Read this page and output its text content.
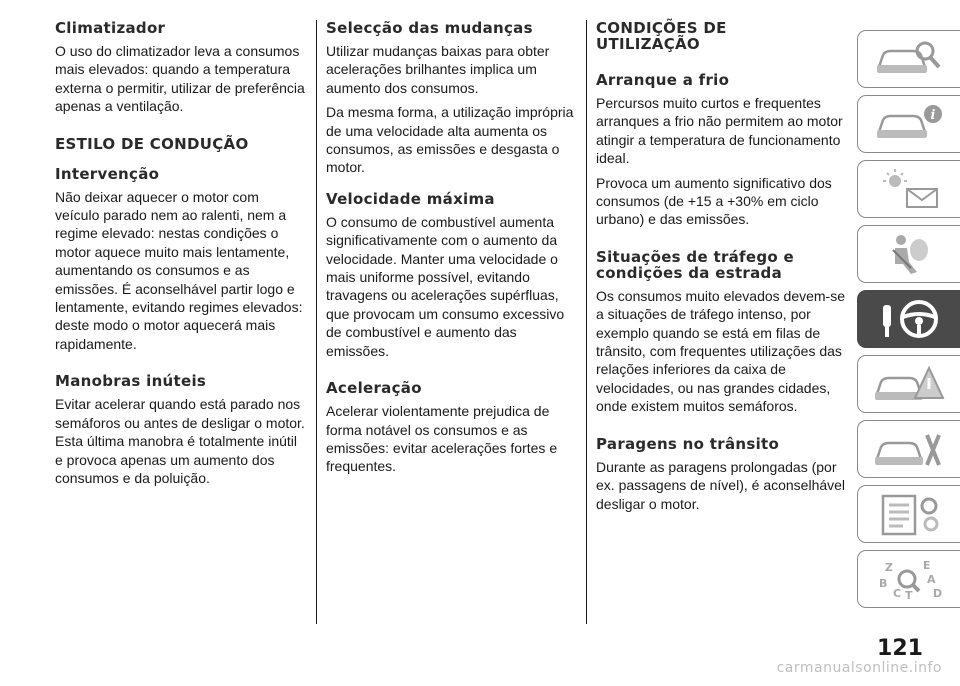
Climatizador

O uso do climatizador leva a consumos mais elevados: quando a temperatura externa o permitir, utilizar de preferência apenas a ventilação.

ESTILO DE CONDUÇÃO
Intervenção

Não deixar aquecer o motor com veículo parado nem ao ralenti, nem a regime elevado: nestas condições o motor aquece muito mais lentamente, aumentando os consumos e as emissões. É aconselhável partir logo e lentamente, evitando regimes elevados: deste modo o motor aquecerá mais rapidamente.

Manobras inúteis

Evitar acelerar quando está parado nos semáforos ou antes de desligar o motor. Esta última manobra é totalmente inútil e provoca apenas um aumento dos consumos e da poluição.

Selecção das mudanças

Utilizar mudanças baixas para obter acelerações brilhantes implica um aumento dos consumos.

Da mesma forma, a utilização imprópria de uma velocidade alta aumenta os consumos, as emissões e desgasta o motor.

Velocidade máxima

O consumo de combustível aumenta significativamente com o aumento da velocidade. Manter uma velocidade o mais uniforme possível, evitando travagens ou acelerações supérfluas, que provocam um consumo excessivo de combustível e aumento das emissões.

Aceleração

Acelerar violentamente prejudica de forma notável os consumos e as emissões: evitar acelerações fortes e frequentes.

CONDIÇÕES DE UTILIZAÇÃO
Arranque a frio

Percursos muito curtos e frequentes arranques a frio não permitem ao motor atingir a temperatura de funcionamento ideal.

Provoca um aumento significativo dos consumos (de +15 a +30% em ciclo urbano) e das emissões.

Situações de tráfego e condições da estrada

Os consumos muito elevados devem-se a situações de tráfego intenso, por exemplo quando se está em filas de trânsito, com frequentes utilizações das relações inferiores da caixa de velocidades, ou nas grandes cidades, onde existem muitos semáforos.

Paragens no trânsito

Durante as paragens prolongadas (por ex. passagens de nível), é aconselhável desligar o motor.

i
Z	E
A
B
C T D
121
carmanualsonline.info
